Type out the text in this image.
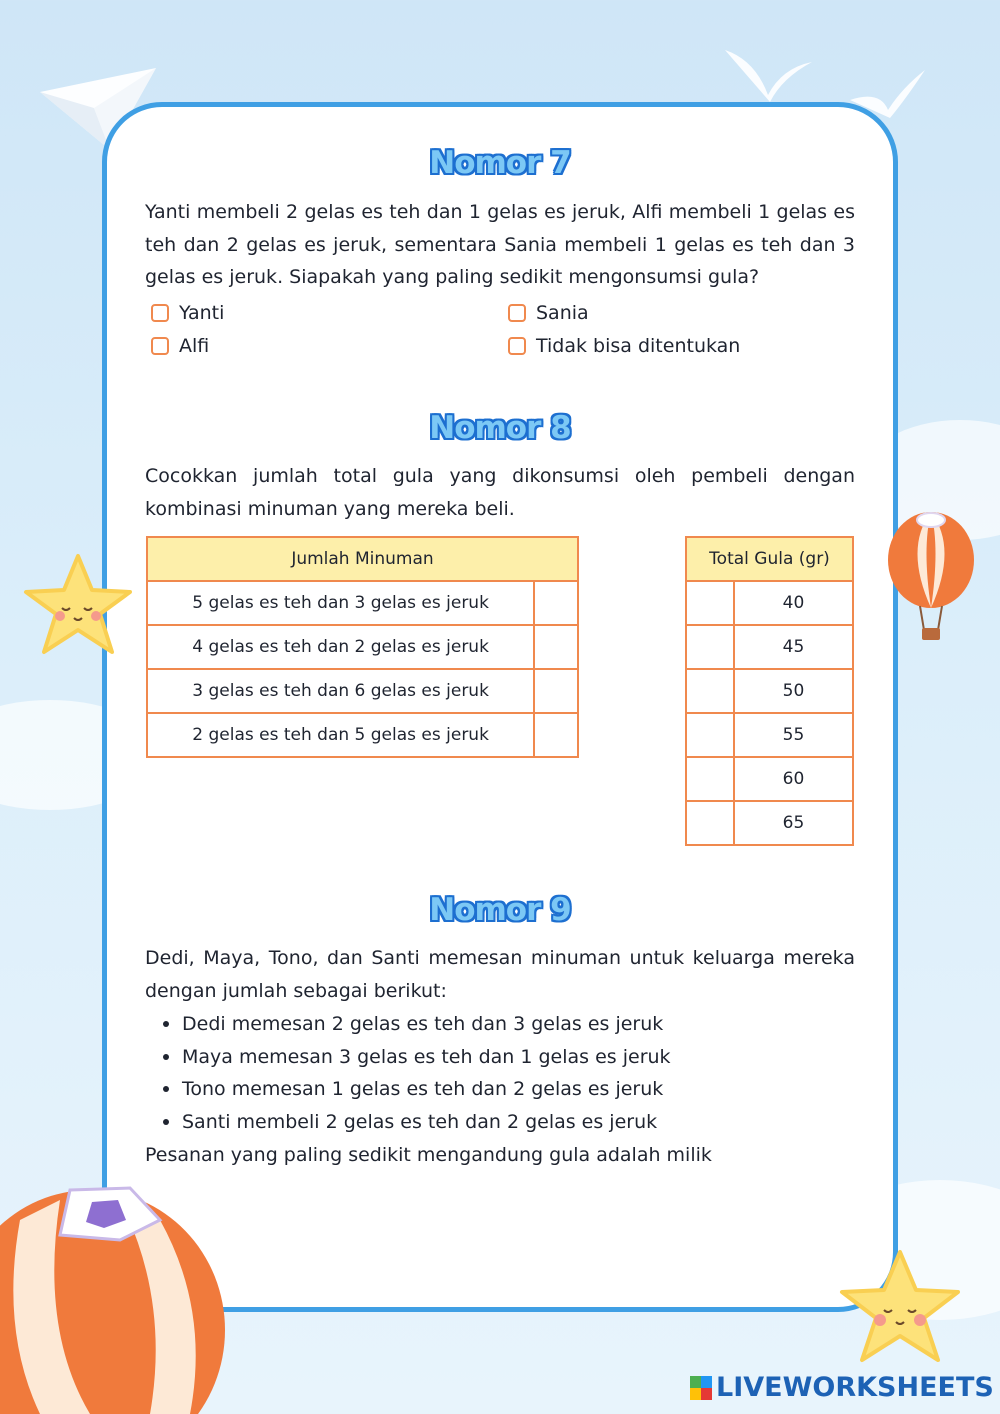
Nomor 7
Yanti membeli 2 gelas es teh dan 1 gelas es jeruk, Alfi membeli 1 gelas es teh dan 2 gelas es jeruk, sementara Sania membeli 1 gelas es teh dan 3 gelas es jeruk. Siapakah yang paling sedikit mengonsumsi gula?
Yanti
Alfi
Sania
Tidak bisa ditentukan
Nomor 8
Cocokkan jumlah total gula yang dikonsumsi oleh pembeli dengan kombinasi minuman yang mereka beli.
Jumlah Minuman	
5 gelas es teh dan 3 gelas es jeruk	
4 gelas es teh dan 2 gelas es jeruk	
3 gelas es teh dan 6 gelas es jeruk	
2 gelas es teh dan 5 gelas es jeruk	
Total Gula (gr)	
	40
	45
	50
	55
	60
	65
Nomor 9
Dedi, Maya, Tono, dan Santi memesan minuman untuk keluarga mereka dengan jumlah sebagai berikut:
Dedi memesan 2 gelas es teh dan 3 gelas es jeruk
Maya memesan 3 gelas es teh dan 1 gelas es jeruk
Tono memesan 1 gelas es teh dan 2 gelas es jeruk
Santi membeli 2 gelas es teh dan 2 gelas es jeruk
Pesanan yang paling sedikit mengandung gula adalah milik
LIVEWORKSHEETS
